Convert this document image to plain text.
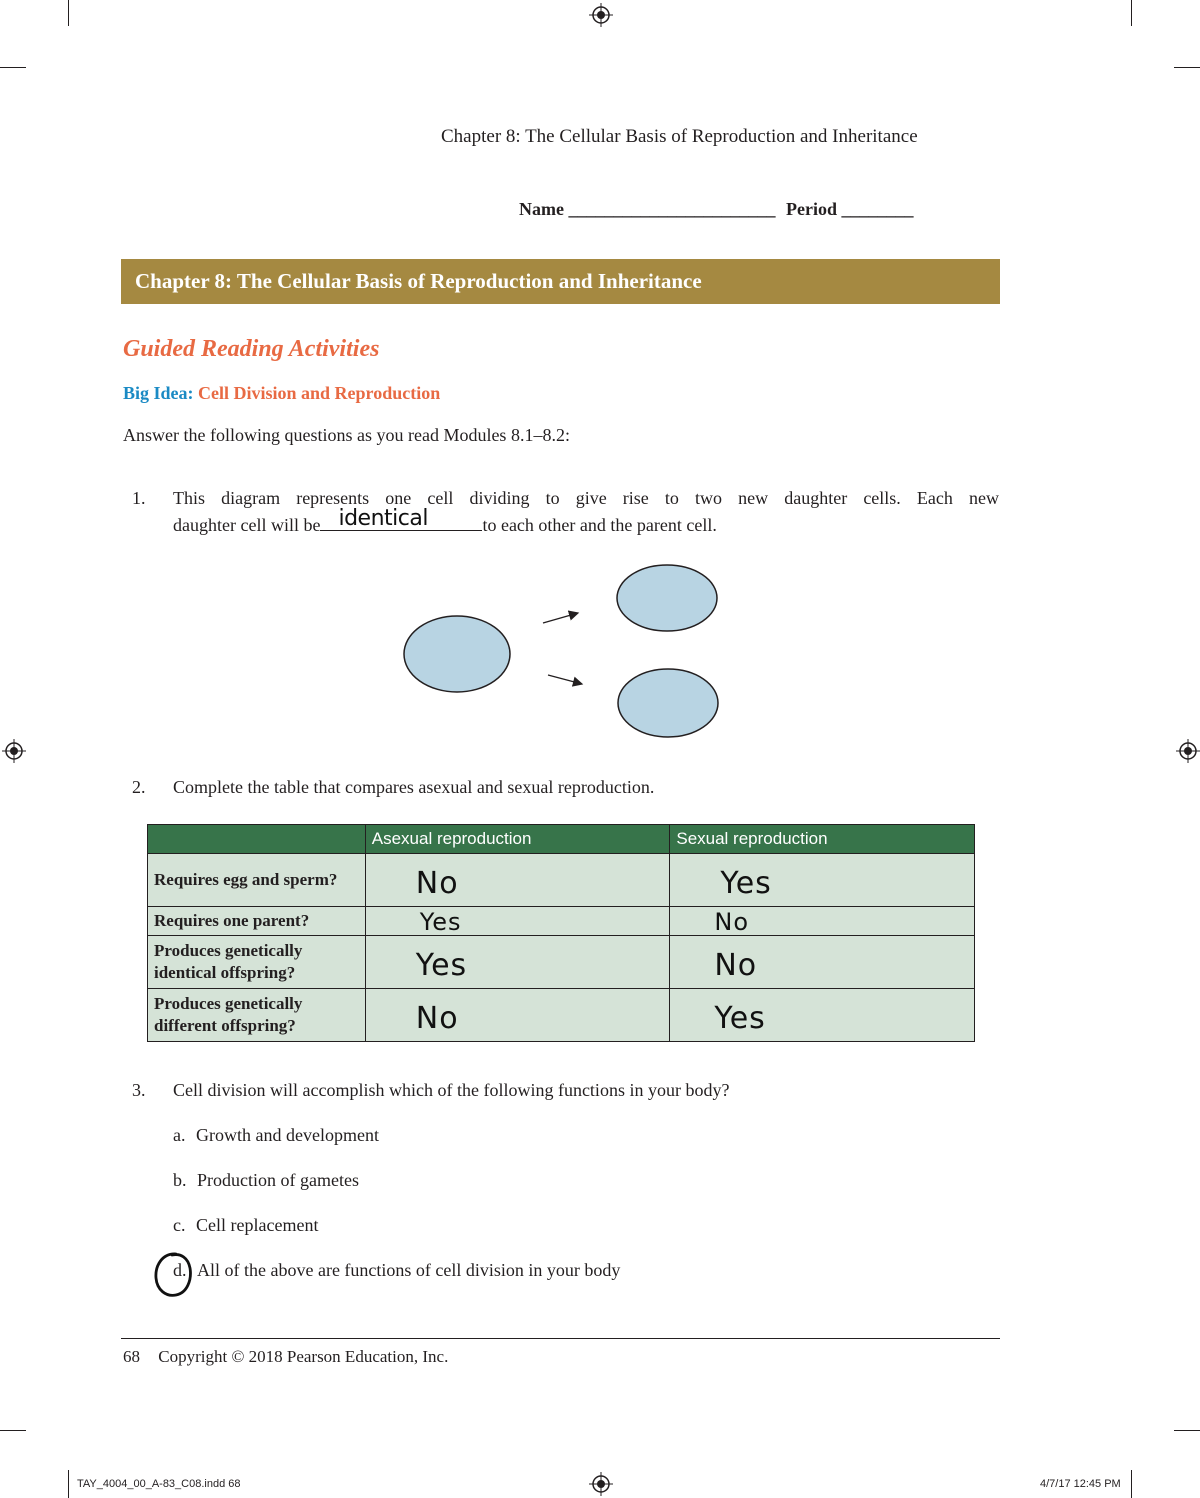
Chapter 8: The Cellular Basis of Reproduction and Inheritance
Name _______________________ Period ________
Chapter 8: The Cellular Basis of Reproduction and Inheritance
Guided Reading Activities
Big Idea: Cell Division and Reproduction
Answer the following questions as you read Modules 8.1–8.2:
1. This diagram represents one cell dividing to give rise to two new daughter cells. Each new
daughter cell will be identical	to each other and the parent cell.
2. Complete the table that compares asexual and sexual reproduction.
	Asexual reproduction	Sexual reproduction
Requires egg and sperm?	No	Yes
Requires one parent?	Yes	No
Produces genetically identical offspring?	Yes	No
Produces genetically different offspring?	No	Yes
3. Cell division will accomplish which of the following functions in your body?
a. Growth and development
b. Production of gametes
c. Cell replacement
d. All of the above are functions of cell division in your body
68 Copyright © 2018 Pearson Education, Inc.
TAY_4004_00_A-83_C08.indd 68	4/7/17 12:45 PM
